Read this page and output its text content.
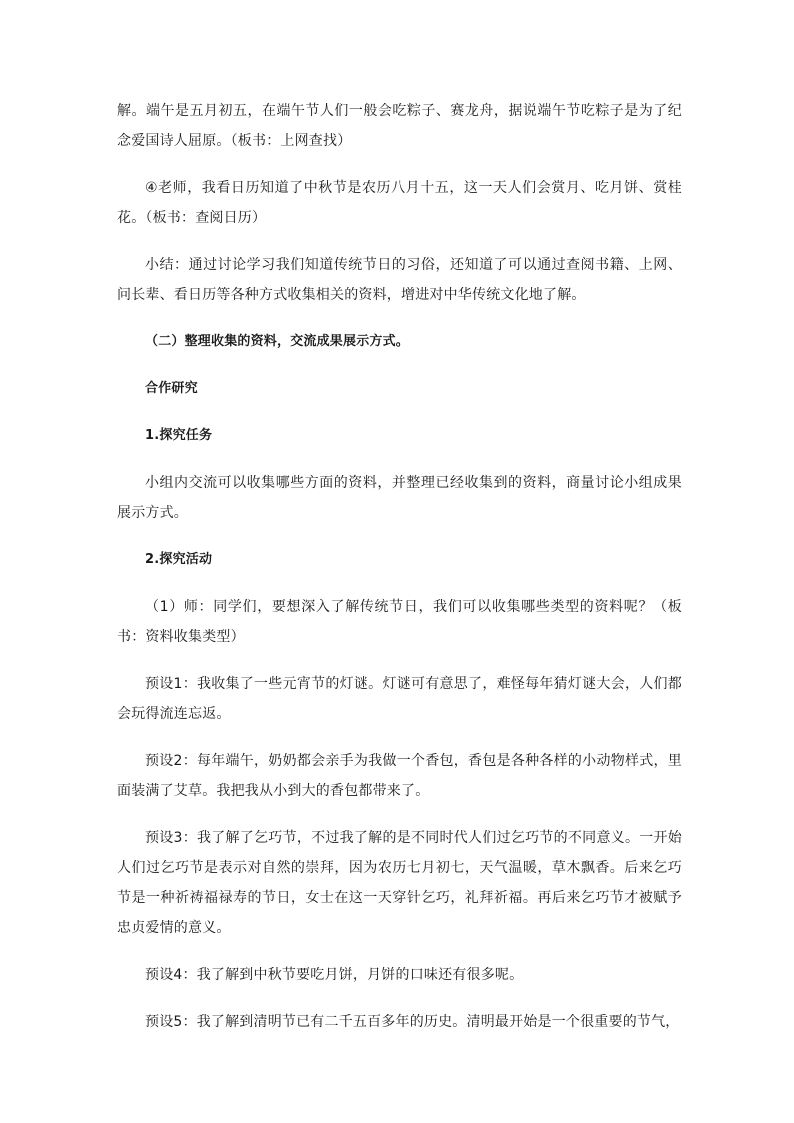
解。端午是五月初五，在端午节人们一般会吃粽子、赛龙舟，据说端午节吃粽子是为了纪念爱国诗人屈原。（板书：上网查找）

④老师，我看日历知道了中秋节是农历八月十五，这一天人们会赏月、吃月饼、赏桂花。（板书：查阅日历）

小结：通过讨论学习我们知道传统节日的习俗，还知道了可以通过查阅书籍、上网、问长辈、看日历等各种方式收集相关的资料，增进对中华传统文化地了解。

（二）整理收集的资料，交流成果展示方式。
合作研究
1.探究任务

小组内交流可以收集哪些方面的资料，并整理已经收集到的资料，商量讨论小组成果展示方式。

2.探究活动

（1）师：同学们，要想深入了解传统节日，我们可以收集哪些类型的资料呢？（板书：资料收集类型）

预设1：我收集了一些元宵节的灯谜。灯谜可有意思了，难怪每年猜灯谜大会，人们都会玩得流连忘返。

预设2：每年端午，奶奶都会亲手为我做一个香包，香包是各种各样的小动物样式，里面装满了艾草。我把我从小到大的香包都带来了。

预设3：我了解了乞巧节，不过我了解的是不同时代人们过乞巧节的不同意义。一开始人们过乞巧节是表示对自然的崇拜，因为农历七月初七，天气温暖，草木飘香。后来乞巧节是一种祈祷福禄寿的节日，女士在这一天穿针乞巧，礼拜祈福。再后来乞巧节才被赋予忠贞爱情的意义。

预设4：我了解到中秋节要吃月饼，月饼的口味还有很多呢。

预设5：我了解到清明节已有二千五百多年的历史。清明最开始是一个很重要的节气，
